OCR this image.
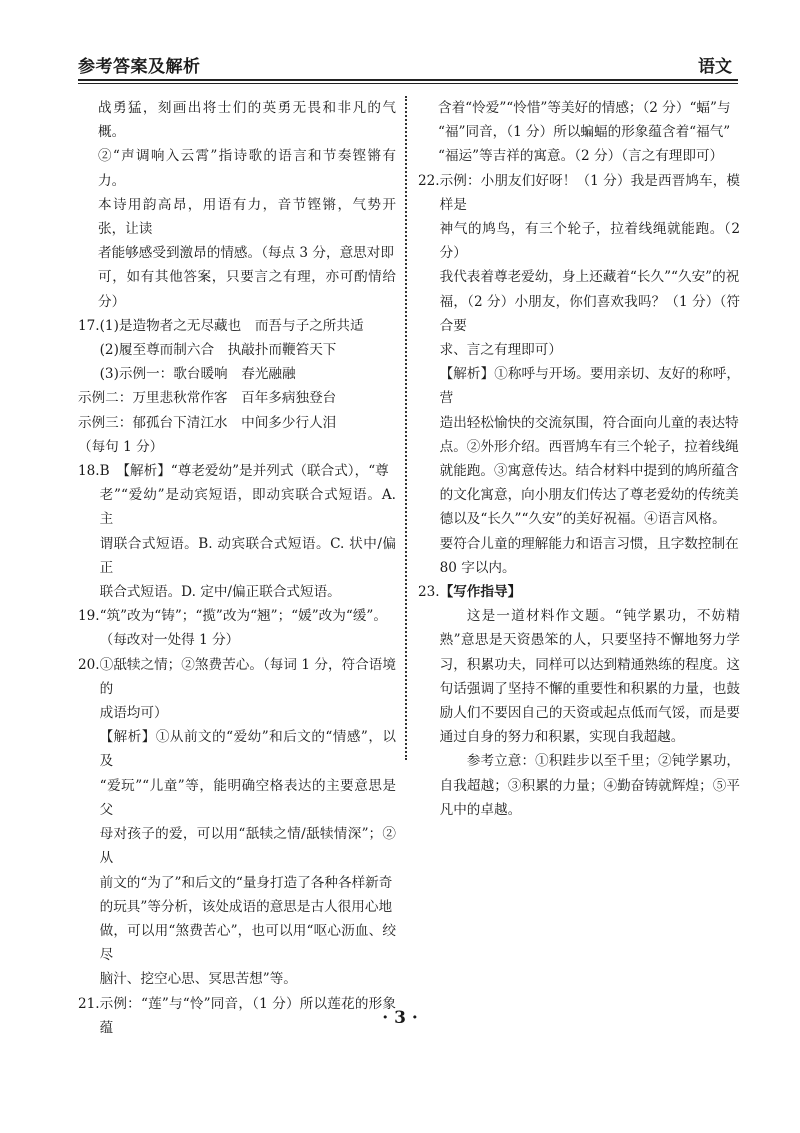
参考答案及解析	语文

战勇猛，刻画出将士们的英勇无畏和非凡的气概。

②“声调响入云霄”指诗歌的语言和节奏铿锵有力。

本诗用韵高昂，用语有力，音节铿锵，气势开张，让读

者能够感受到激昂的情感。（每点 3 分，意思对即

可，如有其他答案，只要言之有理，亦可酌情给分）

17. (1)是造物者之无尽藏也　而吾与子之所共适

(2)履至尊而制六合　执敲扑而鞭笞天下

(3)示例一：歌台暖响　春光融融

示例二：万里悲秋常作客　百年多病独登台

示例三：郁孤台下清江水　中间多少行人泪

（每句 1 分）

18. B　【解析】“尊老爱幼”是并列式（联合式），“尊

老”“爱幼”是动宾短语，即动宾联合式短语。A. 主

谓联合式短语。B. 动宾联合式短语。C. 状中/偏正

联合式短语。D. 定中/偏正联合式短语。

19. “筑”改为“铸”；“揽”改为“翘”；“媛”改为“缓”。

（每改对一处得 1 分）

20. ①舐犊之情；②煞费苦心。（每词 1 分，符合语境的

成语均可）

【解析】①从前文的“爱幼”和后文的“情感”，以及

“爱玩”“儿童”等，能明确空格表达的主要意思是父

母对孩子的爱，可以用“舐犊之情/舐犊情深”；②从

前文的“为了”和后文的“量身打造了各种各样新奇

的玩具”等分析，该处成语的意思是古人很用心地

做，可以用“煞费苦心”，也可以用“呕心沥血、绞尽

脑汁、挖空心思、冥思苦想”等。

21. 示例：“莲”与“怜”同音，（1 分）所以莲花的形象蕴

含着“怜爱”“怜惜”等美好的情感；（2 分）“蝠”与

“福”同音，（1 分）所以蝙蝠的形象蕴含着“福气”

“福运”等吉祥的寓意。（2 分）（言之有理即可）

22. 示例：小朋友们好呀！（1 分）我是西晋鸠车，模样是

神气的鸠鸟，有三个轮子，拉着线绳就能跑。（2 分）

我代表着尊老爱幼，身上还藏着“长久”“久安”的祝

福，（2 分）小朋友，你们喜欢我吗？（1 分）（符合要

求、言之有理即可）

【解析】①称呼与开场。要用亲切、友好的称呼，营

造出轻松愉快的交流氛围，符合面向儿童的表达特

点。②外形介绍。西晋鸠车有三个轮子，拉着线绳

就能跑。③寓意传达。结合材料中提到的鸠所蕴含

的文化寓意，向小朋友们传达了尊老爱幼的传统美

德以及“长久”“久安”的美好祝福。④语言风格。

要符合儿童的理解能力和语言习惯，且字数控制在

80 字以内。

23. 【写作指导】

这是一道材料作文题。“钝学累功，不妨精熟”意思是天资愚笨的人，只要坚持不懈地努力学习，积累功夫，同样可以达到精通熟练的程度。这句话强调了坚持不懈的重要性和积累的力量，也鼓励人们不要因自己的天资或起点低而气馁，而是要通过自身的努力和积累，实现自我超越。

参考立意：①积跬步以至千里；②钝学累功，自我超越；③积累的力量；④勤奋铸就辉煌；⑤平凡中的卓越。

· 3 ·
